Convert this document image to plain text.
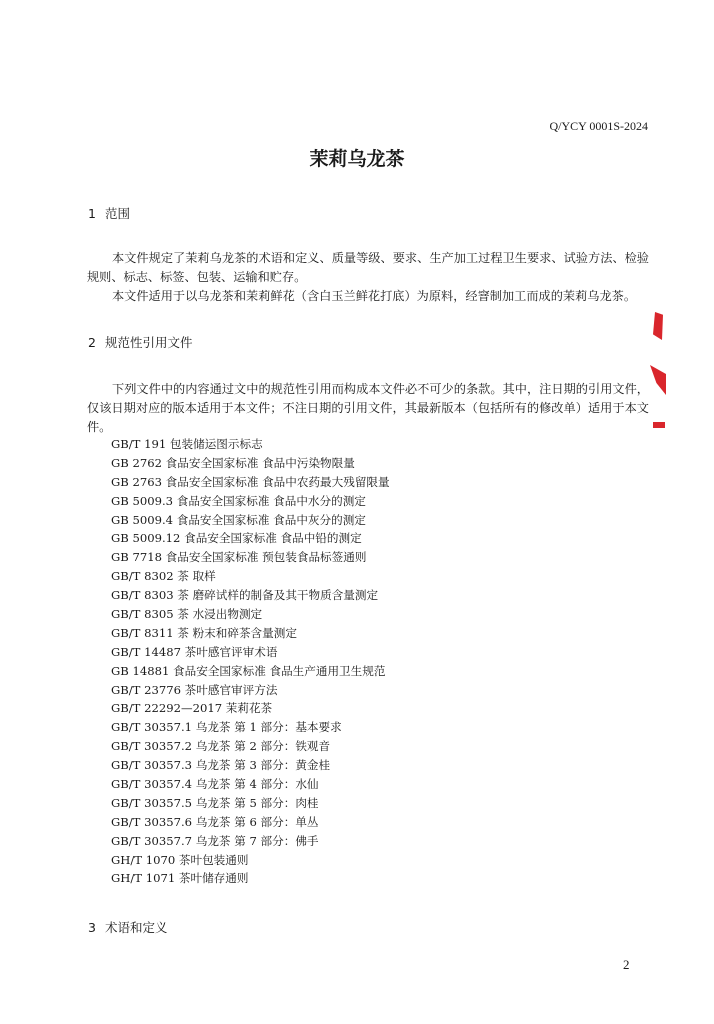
Q/YCY 0001S-2024
茉莉乌龙茶
1 范围

本文件规定了茉莉乌龙茶的术语和定义、质量等级、要求、生产加工过程卫生要求、试验方法、检验规则、标志、标签、包装、运输和贮存。

本文件适用于以乌龙茶和茉莉鲜花（含白玉兰鲜花打底）为原料，经窨制加工而成的茉莉乌龙茶。

2 规范性引用文件

下列文件中的内容通过文中的规范性引用而构成本文件必不可少的条款。其中，注日期的引用文件，仅该日期对应的版本适用于本文件；不注日期的引用文件，其最新版本（包括所有的修改单）适用于本文件。

GB/T 191 包装储运图示标志
GB 2762 食品安全国家标准 食品中污染物限量
GB 2763 食品安全国家标准 食品中农药最大残留限量
GB 5009.3 食品安全国家标准 食品中水分的测定
GB 5009.4 食品安全国家标准 食品中灰分的测定
GB 5009.12 食品安全国家标准 食品中铅的测定
GB 7718 食品安全国家标准 预包装食品标签通则
GB/T 8302 茶 取样
GB/T 8303 茶 磨碎试样的制备及其干物质含量测定
GB/T 8305 茶 水浸出物测定
GB/T 8311 茶 粉末和碎茶含量测定
GB/T 14487 茶叶感官评审术语
GB 14881 食品安全国家标准 食品生产通用卫生规范
GB/T 23776 茶叶感官审评方法
GB/T 22292—2017 茉莉花茶
GB/T 30357.1 乌龙茶 第 1 部分：基本要求
GB/T 30357.2 乌龙茶 第 2 部分：铁观音
GB/T 30357.3 乌龙茶 第 3 部分：黄金桂
GB/T 30357.4 乌龙茶 第 4 部分：水仙
GB/T 30357.5 乌龙茶 第 5 部分：肉桂
GB/T 30357.6 乌龙茶 第 6 部分：单丛
GB/T 30357.7 乌龙茶 第 7 部分：佛手
GH/T 1070 茶叶包装通则
GH/T 1071 茶叶储存通则
3 术语和定义
2
